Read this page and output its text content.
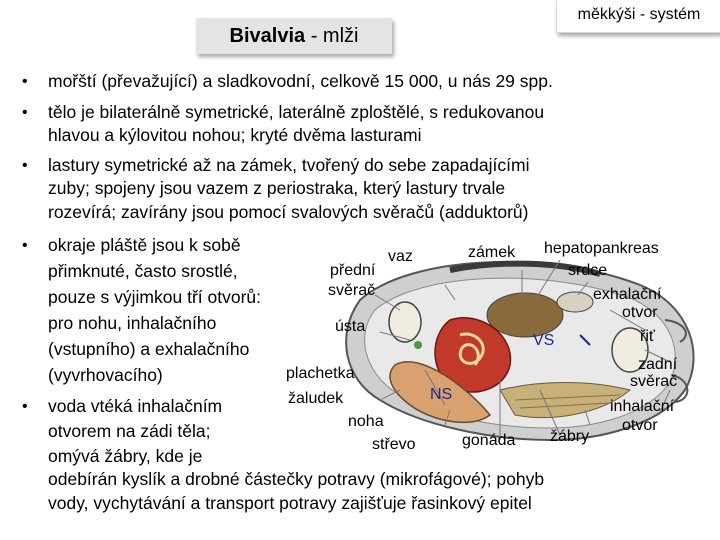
Bivalvia - mlži
měkkýši - systém
• mořští (převažující) a sladkovodní, celkově 15 000, u nás 29 spp.
• tělo je bilaterálně symetrické, laterálně zploštělé, s redukovanou
hlavou a kýlovitou nohou; kryté dvěma lasturami
• lastury symetrické až na zámek, tvořený do sebe zapadajícími
zuby; spojeny jsou vazem z periostraka, který lastury trvale
rozevírá; zavírány jsou pomocí svalových svěračů (adduktorů)
• okraje pláště jsou k sobě
přimknuté, často srostlé,
pouze s výjimkou tří otvorů:
pro nohu, inhalačního
(vstupního) a exhalačního
(vyvrhovacího)
• voda vtéká inhalačním
otvorem na zádi těla;
omývá žábry, kde je
odebírán kyslík a drobné částečky potravy (mikrofágové); pohyb
vody, vychytávání a transport potravy zajišťuje řasinkový epitel
vaz	zámek hepatopankreas
přední	srdce
svěrač	exhalační
otvor
ústa
řiť
VS
plachetka
zadní
svěrač
NS
žaludek	inhalační
noha	otvor
střevo	gonáda žábry
